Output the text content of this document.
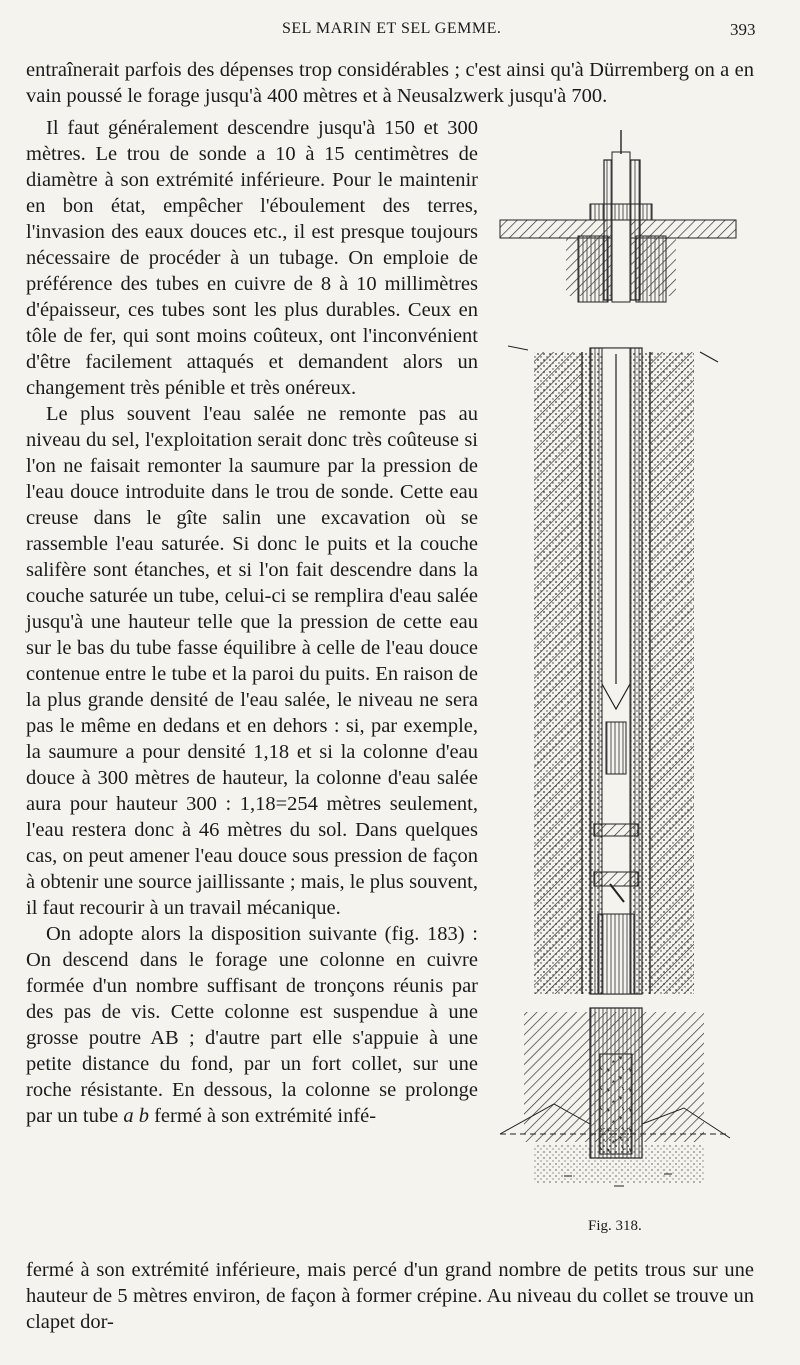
SEL MARIN ET SEL GEMME.	393

entraînerait parfois des dépenses trop considérables ; c'est ainsi qu'à Dürremberg on a en vain poussé le forage jusqu'à 400 mètres et à Neusalzwerk jusqu'à 700.

Il faut généralement descendre jusqu'à 150 et 300 mètres. Le trou de sonde a 10 à 15 centimètres de diamètre à son extrémité inférieure. Pour le maintenir en bon état, empêcher l'éboulement des terres, l'invasion des eaux douces etc., il est presque toujours nécessaire de procéder à un tubage. On emploie de préférence des tubes en cuivre de 8 à 10 millimètres d'épaisseur, ces tubes sont les plus durables. Ceux en tôle de fer, qui sont moins coûteux, ont l'inconvénient d'être facilement attaqués et demandent alors un changement très pénible et très onéreux.

Le plus souvent l'eau salée ne remonte pas au niveau du sel, l'exploitation serait donc très coûteuse si l'on ne faisait remonter la saumure par la pression de l'eau douce introduite dans le trou de sonde. Cette eau creuse dans le gîte salin une excavation où se rassemble l'eau saturée. Si donc le puits et la couche salifère sont étanches, et si l'on fait descendre dans la couche saturée un tube, celui-ci se remplira d'eau salée jusqu'à une hauteur telle que la pression de cette eau sur le bas du tube fasse équilibre à celle de l'eau douce contenue entre le tube et la paroi du puits. En raison de la plus grande densité de l'eau salée, le niveau ne sera pas le même en dedans et en dehors : si, par exemple, la saumure a pour densité 1,18 et si la colonne d'eau douce à 300 mètres de hauteur, la colonne d'eau salée aura pour hauteur 300 : 1,18=254 mètres seulement, l'eau restera donc à 46 mètres du sol. Dans quelques cas, on peut amener l'eau douce sous pression de façon à obtenir une source jaillissante ; mais, le plus souvent, il faut recourir à un travail mécanique.

On adopte alors la disposition suivante (fig. 183) : On descend dans le forage une colonne en cuivre formée d'un nombre suffisant de tronçons réunis par des pas de vis. Cette colonne est suspendue à une grosse poutre AB ; d'autre part elle s'appuie à une petite distance du fond, par un fort collet, sur une roche résistante. En dessous, la colonne se prolonge par un tube a b fermé à son extrémité infé-

fermé à son extrémité inférieure, mais percé d'un grand nombre de petits trous sur une hauteur de 5 mètres environ, de façon à former crépine. Au niveau du collet se trouve un clapet dor-

Fig. 318.
